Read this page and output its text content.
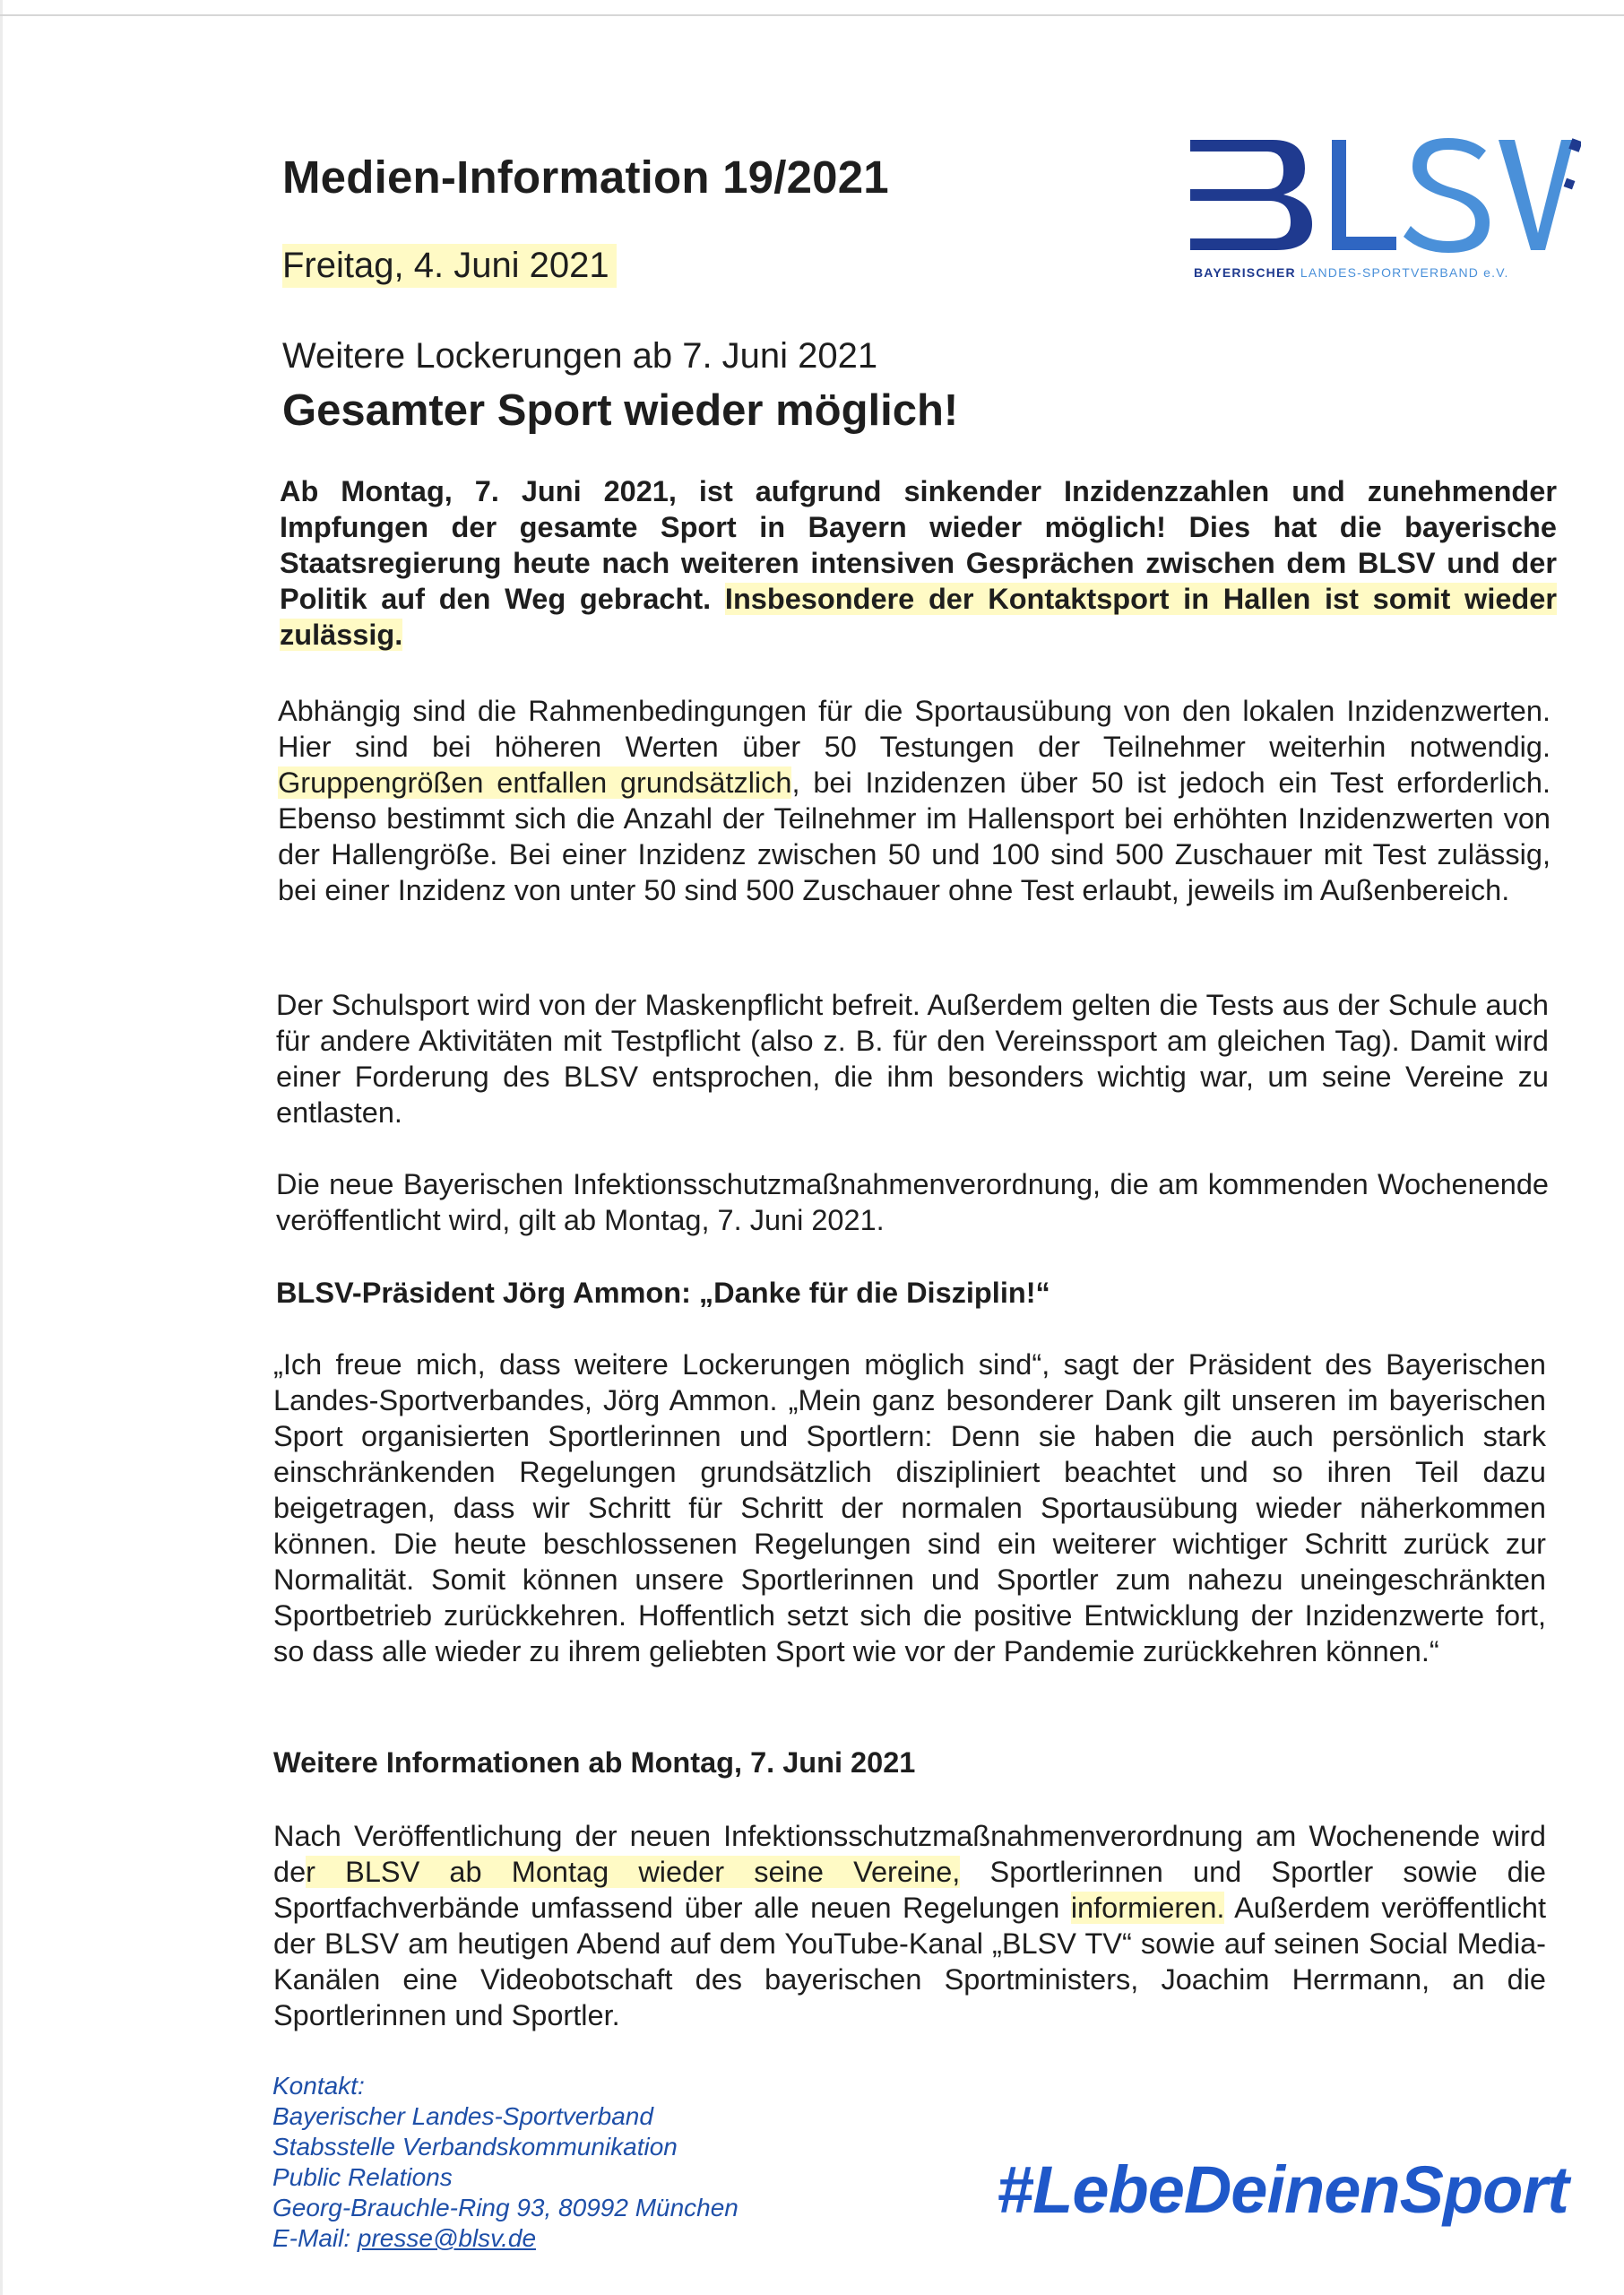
Medien-Information 19/2021
Freitag, 4. Juni 2021	BAYERISCHER LANDES-SPORTVERBAND e.V.
Weitere Lockerungen ab 7. Juni 2021
Gesamter Sport wieder möglich!
Ab Montag, 7. Juni 2021, ist aufgrund sinkender Inzidenzzahlen und zunehmender Impfungen der gesamte Sport in Bayern wieder möglich! Dies hat die bayerische Staatsregierung heute nach weiteren intensiven Gesprächen zwischen dem BLSV und der Politik auf den Weg gebracht. Insbesondere der Kontaktsport in Hallen ist somit wieder zulässig.
Abhängig sind die Rahmenbedingungen für die Sportausübung von den lokalen Inzidenzwerten. Hier sind bei höheren Werten über 50 Testungen der Teilnehmer weiterhin notwendig. Gruppengrößen entfallen grundsätzlich, bei Inzidenzen über 50 ist jedoch ein Test erforderlich. Ebenso bestimmt sich die Anzahl der Teilnehmer im Hallensport bei erhöhten Inzidenzwerten von der Hallengröße. Bei einer Inzidenz zwischen 50 und 100 sind 500 Zuschauer mit Test zulässig, bei einer Inzidenz von unter 50 sind 500 Zuschauer ohne Test erlaubt, jeweils im Außenbereich.
Der Schulsport wird von der Maskenpflicht befreit. Außerdem gelten die Tests aus der Schule auch für andere Aktivitäten mit Testpflicht (also z. B. für den Vereinssport am gleichen Tag). Damit wird einer Forderung des BLSV entsprochen, die ihm besonders wichtig war, um seine Vereine zu entlasten.
Die neue Bayerischen Infektionsschutzmaßnahmenverordnung, die am kommenden Wochenende veröffentlicht wird, gilt ab Montag, 7. Juni 2021.
BLSV-Präsident Jörg Ammon: „Danke für die Disziplin!“
„Ich freue mich, dass weitere Lockerungen möglich sind“, sagt der Präsident des Bayerischen Landes-Sportverbandes, Jörg Ammon. „Mein ganz besonderer Dank gilt unseren im bayerischen Sport organisierten Sportlerinnen und Sportlern: Denn sie haben die auch persönlich stark einschränkenden Regelungen grundsätzlich diszipliniert beachtet und so ihren Teil dazu beigetragen, dass wir Schritt für Schritt der normalen Sportausübung wieder näherkommen können. Die heute beschlossenen Regelungen sind ein weiterer wichtiger Schritt zurück zur Normalität. Somit können unsere Sportlerinnen und Sportler zum nahezu uneingeschränkten Sportbetrieb zurückkehren. Hoffentlich setzt sich die positive Entwicklung der Inzidenzwerte fort, so dass alle wieder zu ihrem geliebten Sport wie vor der Pandemie zurückkehren können.“
Weitere Informationen ab Montag, 7. Juni 2021
Nach Veröffentlichung der neuen Infektionsschutzmaßnahmenverordnung am Wochenende wird der BLSV ab Montag wieder seine Vereine, Sportlerinnen und Sportler sowie die Sportfachverbände umfassend über alle neuen Regelungen informieren. Außerdem veröffentlicht der BLSV am heutigen Abend auf dem YouTube-Kanal „BLSV TV“ sowie auf seinen Social Media-Kanälen eine Videobotschaft des bayerischen Sportministers, Joachim Herrmann, an die Sportlerinnen und Sportler.
Kontakt:
Bayerischer Landes-Sportverband
Stabsstelle Verbandskommunikation
Public Relations
Georg-Brauchle-Ring 93, 80992 München
E-Mail: presse@blsv.de
#LebeDeinenSport
